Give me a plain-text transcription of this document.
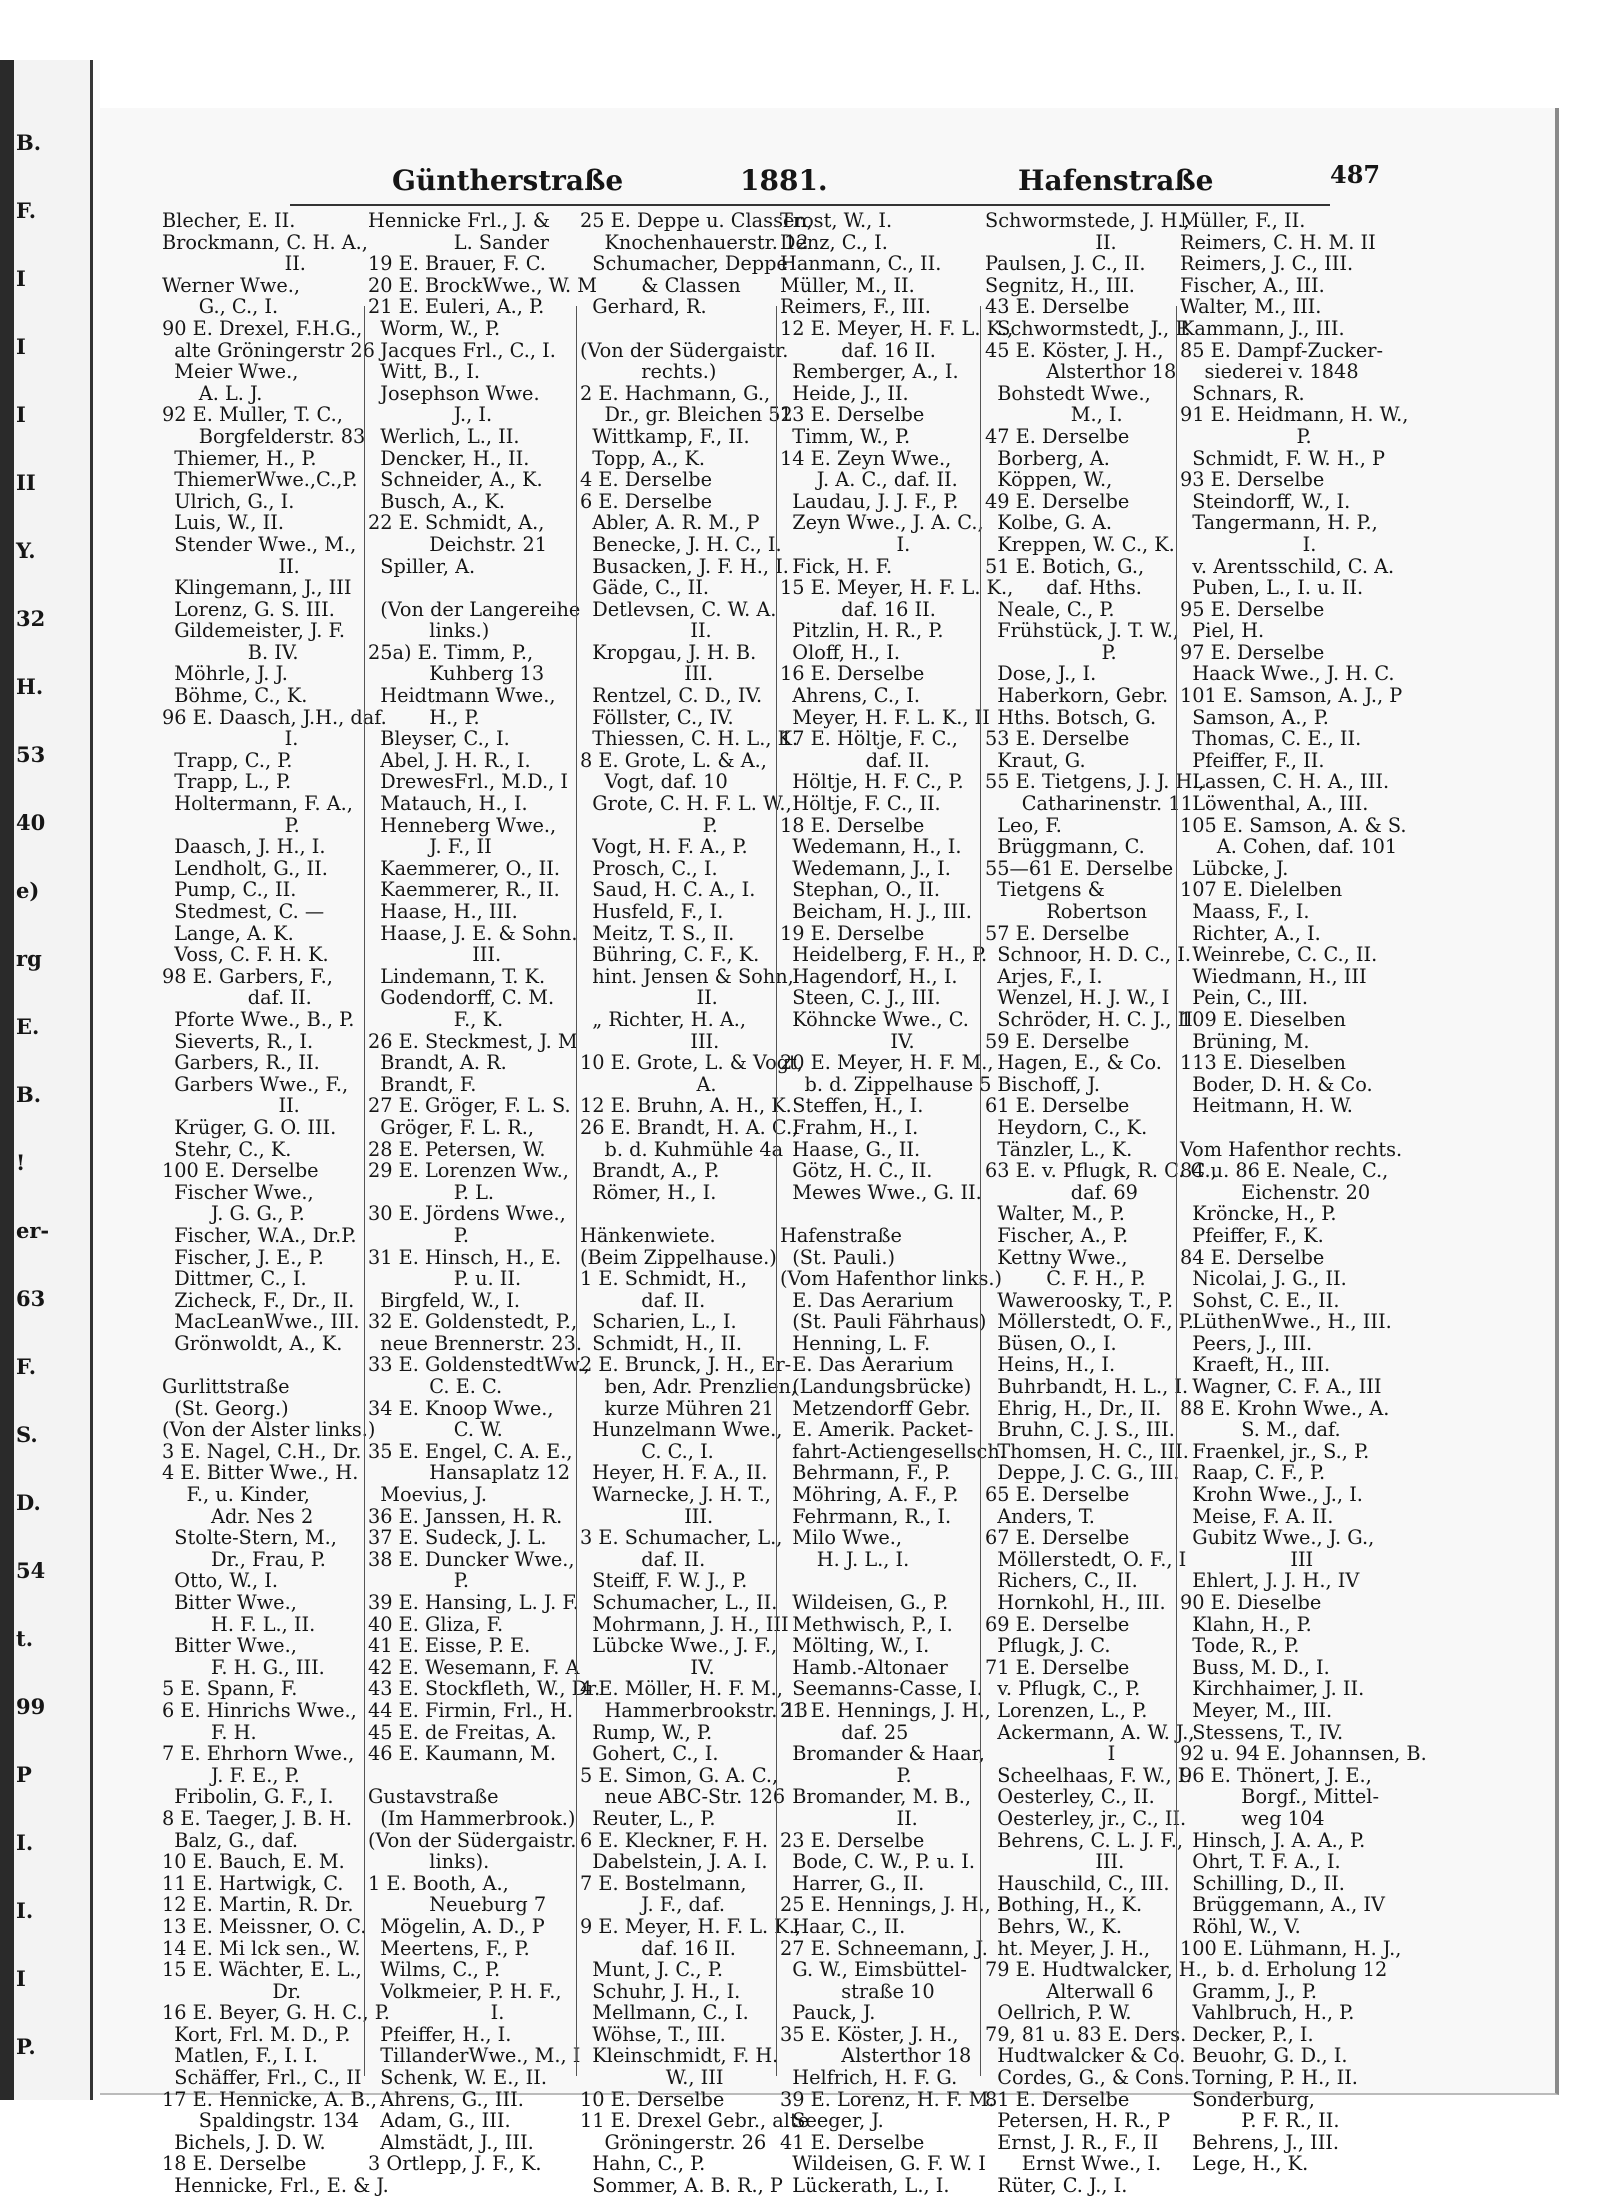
B.
F.
I
I
I
II
Y.
32
H.
53
40
e)
rg
E.
B.
!
er-
63
F.
S.
D.
54
t.
99
P
I.
I.
I
P.
Güntherstraße	1881.	Hafenstraße	487
Blecher, E. II.
Brockmann, C. H. A.,
II.
Werner Wwe.,
G., C., I.
90 E. Drexel, F.H.G.,
alte Gröningerstr 26
Meier Wwe.,
A. L. J.
92 E. Muller, T. C.,
Borgfelderstr. 83
Thiemer, H., P.
ThiemerWwe.,C.,P.
Ulrich, G., I.
Luis, W., II.
Stender Wwe., M.,
II.
Klingemann, J., III
Lorenz, G. S. III.
Gildemeister, J. F.
B. IV.
Möhrle, J. J.
Böhme, C., K.
96 E. Daasch, J.H., daf.
I.
Trapp, C., P.
Trapp, L., P.
Holtermann, F. A.,
P.
Daasch, J. H., I.
Lendholt, G., II.
Pump, C., II.
Stedmest, C. —
Lange, A. K.
Voss, C. F. H. K.
98 E. Garbers, F.,
daf. II.
Pforte Wwe., B., P.
Sieverts, R., I.
Garbers, R., II.
Garbers Wwe., F.,
II.
Krüger, G. O. III.
Stehr, C., K.
100 E. Derselbe
Fischer Wwe.,
J. G. G., P.
Fischer, W.A., Dr.P.
Fischer, J. E., P.
Dittmer, C., I.
Zicheck, F., Dr., II.
MacLeanWwe., III.
Grönwoldt, A., K.
Gurlittstraße
(St. Georg.)
(Von der Alster links.)
3 E. Nagel, C.H., Dr.
4 E. Bitter Wwe., H.
F., u. Kinder,
Adr. Nes 2
Stolte-Stern, M.,
Dr., Frau, P.
Otto, W., I.
Bitter Wwe.,
H. F. L., II.
Bitter Wwe.,
F. H. G., III.
5 E. Spann, F.
6 E. Hinrichs Wwe.,
F. H.
7 E. Ehrhorn Wwe.,
J. F. E., P.
Fribolin, G. F., I.
8 E. Taeger, J. B. H.
Balz, G., daf.
10 E. Bauch, E. M.
11 E. Hartwigk, C.
12 E. Martin, R. Dr.
13 E. Meissner, O. C.
14 E. Mi lck sen., W.
15 E. Wächter, E. L.,
Dr.
16 E. Beyer, G. H. C., P.
Kort, Frl. M. D., P.
Matlen, F., I. I.
Schäffer, Frl., C., II
17 E. Hennicke, A. B.,
Spaldingstr. 134
Bichels, J. D. W.
18 E. Derselbe
Hennicke, Frl., E. & J.
Hennicke Frl., J. &
L. Sander
19 E. Brauer, F. C.
20 E. BrockWwe., W. M
21 E. Euleri, A., P.
Worm, W., P.
Jacques Frl., C., I.
Witt, B., I.
Josephson Wwe.
J., I.
Werlich, L., II.
Dencker, H., II.
Schneider, A., K.
Busch, A., K.
22 E. Schmidt, A.,
Deichstr. 21
Spiller, A.
(Von der Langereihe
links.)
25a) E. Timm, P.,
Kuhberg 13
Heidtmann Wwe.,
H., P.
Bleyser, C., I.
Abel, J. H. R., I.
DrewesFrl., M.D., I
Matauch, H., I.
Henneberg Wwe.,
J. F., II
Kaemmerer, O., II.
Kaemmerer, R., II.
Haase, H., III.
Haase, J. E. & Sohn.
III.
Lindemann, T. K.
Godendorff, C. M.
F., K.
26 E. Steckmest, J. M
Brandt, A. R.
Brandt, F.
27 E. Gröger, F. L. S.
Gröger, F. L. R.,
28 E. Petersen, W.
29 E. Lorenzen Ww.,
P. L.
30 E. Jördens Wwe.,
P.
31 E. Hinsch, H., E.
P. u. II.
Birgfeld, W., I.
32 E. Goldenstedt, P.,
neue Brennerstr. 23.
33 E. GoldenstedtWw.,
C. E. C.
34 E. Knoop Wwe.,
C. W.
35 E. Engel, C. A. E.,
Hansaplatz 12
Moevius, J.
36 E. Janssen, H. R.
37 E. Sudeck, J. L.
38 E. Duncker Wwe.,
P.
39 E. Hansing, L. J. F.
40 E. Gliza, F.
41 E. Eisse, P. E.
42 E. Wesemann, F. A
43 E. Stockfleth, W., Dr.
44 E. Firmin, Frl., H.
45 E. de Freitas, A.
46 E. Kaumann, M.
Gustavstraße
(Im Hammerbrook.)
(Von der Südergaistr.
links).
1 E. Booth, A.,
Neueburg 7
Mögelin, A. D., P
Meertens, F., P.
Wilms, C., P.
Volkmeier, P. H. F.,
I.
Pfeiffer, H., I.
TillanderWwe., M., I
Schenk, W. E., II.
Ahrens, G., III.
Adam, G., III.
Almstädt, J., III.
3 Ortlepp, J. F., K.
25 E. Deppe u. Classen,
Knochenhauerstr. 12
Schumacher, Deppe
& Classen
Gerhard, R.
(Von der Südergaistr.
rechts.)
2 E. Hachmann, G.,
Dr., gr. Bleichen 52
Wittkamp, F., II.
Topp, A., K.
4 E. Derselbe
6 E. Derselbe
Abler, A. R. M., P
Benecke, J. H. C., I.
Busacken, J. F. H., I.
Gäde, C., II.
Detlevsen, C. W. A.
II.
Kropgau, J. H. B.
III.
Rentzel, C. D., IV.
Föllster, C., IV.
Thiessen, C. H. L., K.
8 E. Grote, L. & A.,
Vogt, daf. 10
Grote, C. H. F. L. W.,
P.
Vogt, H. F. A., P.
Prosch, C., I.
Saud, H. C. A., I.
Husfeld, F., I.
Meitz, T. S., II.
Bühring, C. F., K.
hint. Jensen & Sohn,
II.
„ Richter, H. A.,
III.
10 E. Grote, L. & Vogt,
A.
12 E. Bruhn, A. H., K.
26 E. Brandt, H. A. C.,
b. d. Kuhmühle 4a
Brandt, A., P.
Römer, H., I.
Hänkenwiete.
(Beim Zippelhause.)
1 E. Schmidt, H.,
daf. II.
Scharien, L., I.
Schmidt, H., II.
2 E. Brunck, J. H., Er-
ben, Adr. Prenzlien,
kurze Mühren 21
Hunzelmann Wwe.,
C. C., I.
Heyer, H. F. A., II.
Warnecke, J. H. T.,
III.
3 E. Schumacher, L.,
daf. II.
Steiff, F. W. J., P.
Schumacher, L., II.
Mohrmann, J. H., III
Lübcke Wwe., J. F.,
IV.
4 E. Möller, H. F. M.,
Hammerbrookstr. 13
Rump, W., P.
Gohert, C., I.
5 E. Simon, G. A. C.,
neue ABC-Str. 126
Reuter, L., P.
6 E. Kleckner, F. H.
Dabelstein, J. A. I.
7 E. Bostelmann,
J. F., daf.
9 E. Meyer, H. F. L. K.,
daf. 16 II.
Munt, J. C., P.
Schuhr, J. H., I.
Mellmann, C., I.
Wöhse, T., III.
Kleinschmidt, F. H.
W., III
10 E. Derselbe
11 E. Drexel Gebr., alte
Gröningerstr. 26
Hahn, C., P.
Sommer, A. B. R., P
Trost, W., I.
Denz, C., I.
Hanmann, C., II.
Müller, M., II.
Reimers, F., III.
12 E. Meyer, H. F. L. K.,
daf. 16 II.
Remberger, A., I.
Heide, J., II.
13 E. Derselbe
Timm, W., P.
14 E. Zeyn Wwe.,
J. A. C., daf. II.
Laudau, J. J. F., P.
Zeyn Wwe., J. A. C.,
I.
Fick, H. F.
15 E. Meyer, H. F. L. K.,
daf. 16 II.
Pitzlin, H. R., P.
Oloff, H., I.
16 E. Derselbe
Ahrens, C., I.
Meyer, H. F. L. K., II
17 E. Höltje, F. C.,
daf. II.
Höltje, H. F. C., P.
Höltje, F. C., II.
18 E. Derselbe
Wedemann, H., I.
Wedemann, J., I.
Stephan, O., II.
Beicham, H. J., III.
19 E. Derselbe
Heidelberg, F. H., P.
Hagendorf, H., I.
Steen, C. J., III.
Köhncke Wwe., C.
IV.
20 E. Meyer, H. F. M.,
b. d. Zippelhause 5
Steffen, H., I.
Frahm, H., I.
Haase, G., II.
Götz, H. C., II.
Mewes Wwe., G. II.
Hafenstraße
(St. Pauli.)
(Vom Hafenthor links.)
E. Das Aerarium
(St. Pauli Fährhaus)
Henning, L. F.
E. Das Aerarium
(Landungsbrücke)
Metzendorff Gebr.
E. Amerik. Packet-
fahrt-Actiengesellsch.
Behrmann, F., P.
Möhring, A. F., P.
Fehrmann, R., I.
Milo Wwe.,
H. J. L., I.
Wildeisen, G., P.
Methwisch, P., I.
Mölting, W., I.
Hamb.-Altonaer
Seemanns-Casse, I.
21 E. Hennings, J. H.,
daf. 25
Bromander & Haar,
P.
Bromander, M. B.,
II.
23 E. Derselbe
Bode, C. W., P. u. I.
Harrer, G., II.
25 E. Hennings, J. H., P
Haar, C., II.
27 E. Schneemann, J.
G. W., Eimsbüttel-
straße 10
Pauck, J.
35 E. Köster, J. H.,
Alsterthor 18
Helfrich, H. F. G.
39 E. Lorenz, H. F. M.
Seeger, J.
41 E. Derselbe
Wildeisen, G. F. W. I
Lückerath, L., I.
Schwormstede, J. H.,
II.
Paulsen, J. C., II.
Segnitz, H., III.
43 E. Derselbe
Schwormstedt, J., P.
45 E. Köster, J. H.,
Alsterthor 18
Bohstedt Wwe.,
M., I.
47 E. Derselbe
Borberg, A.
Köppen, W.,
49 E. Derselbe
Kolbe, G. A.
Kreppen, W. C., K.
51 E. Botich, G.,
daf. Hths.
Neale, C., P.
Frühstück, J. T. W.,
P.
Dose, J., I.
Haberkorn, Gebr.
Hths. Botsch, G.
53 E. Derselbe
Kraut, G.
55 E. Tietgens, J. J. H.,
Catharinenstr. 11
Leo, F.
Brüggmann, C.
55—61 E. Derselbe
Tietgens &
Robertson
57 E. Derselbe
Schnoor, H. D. C., I.
Arjes, F., I.
Wenzel, H. J. W., I
Schröder, H. C. J., II
59 E. Derselbe
Hagen, E., & Co.
Bischoff, J.
61 E. Derselbe
Heydorn, C., K.
Tänzler, L., K.
63 E. v. Pflugk, R. C. C.,
daf. 69
Walter, M., P.
Fischer, A., P.
Kettny Wwe.,
C. F. H., P.
Waweroosky, T., P.
Möllerstedt, O. F., P.
Büsen, O., I.
Heins, H., I.
Buhrbandt, H. L., I.
Ehrig, H., Dr., II.
Bruhn, C. J. S., III.
Thomsen, H. C., III.
Deppe, J. C. G., III.
65 E. Derselbe
Anders, T.
67 E. Derselbe
Möllerstedt, O. F., I
Richers, C., II.
Hornkohl, H., III.
69 E. Derselbe
Pflugk, J. C.
71 E. Derselbe
v. Pflugk, C., P.
Lorenzen, L., P.
Ackermann, A. W. J.,
I
Scheelhaas, F. W., I.
Oesterley, C., II.
Oesterley, jr., C., II.
Behrens, C. L. J. F.,
III.
Hauschild, C., III.
Bothing, H., K.
Behrs, W., K.
ht. Meyer, J. H.,
79 E. Hudtwalcker, H.,
Alterwall 6
Oellrich, P. W.
79, 81 u. 83 E. Ders.
Hudtwalcker & Co.
Cordes, G., & Cons.
81 E. Derselbe
Petersen, H. R., P
Ernst, J. R., F., II
Ernst Wwe., I.
Rüter, C. J., I.
Müller, F., II.
Reimers, C. H. M. II
Reimers, J. C., III.
Fischer, A., III.
Walter, M., III.
Kammann, J., III.
85 E. Dampf-Zucker-
siederei v. 1848
Schnars, R.
91 E. Heidmann, H. W.,
P.
Schmidt, F. W. H., P
93 E. Derselbe
Steindorff, W., I.
Tangermann, H. P.,
I.
v. Arentsschild, C. A.
Puben, L., I. u. II.
95 E. Derselbe
Piel, H.
97 E. Derselbe
Haack Wwe., J. H. C.
101 E. Samson, A. J., P
Samson, A., P.
Thomas, C. E., II.
Pfeiffer, F., II.
Lassen, C. H. A., III.
Löwenthal, A., III.
105 E. Samson, A. & S.
A. Cohen, daf. 101
Lübcke, J.
107 E. Dielelben
Maass, F., I.
Richter, A., I.
Weinrebe, C. C., II.
Wiedmann, H., III
Pein, C., III.
109 E. Dieselben
Brüning, M.
113 E. Dieselben
Boder, D. H. & Co.
Heitmann, H. W.
Vom Hafenthor rechts.
84 u. 86 E. Neale, C.,
Eichenstr. 20
Kröncke, H., P.
Pfeiffer, F., K.
84 E. Derselbe
Nicolai, J. G., II.
Sohst, C. E., II.
LüthenWwe., H., III.
Peers, J., III.
Kraeft, H., III.
Wagner, C. F. A., III
88 E. Krohn Wwe., A.
S. M., daf.
Fraenkel, jr., S., P.
Raap, C. F., P.
Krohn Wwe., J., I.
Meise, F. A. II.
Gubitz Wwe., J. G.,
III
Ehlert, J. J. H., IV
90 E. Dieselbe
Klahn, H., P.
Tode, R., P.
Buss, M. D., I.
Kirchhaimer, J. II.
Meyer, M., III.
Stessens, T., IV.
92 u. 94 E. Johannsen, B.
96 E. Thönert, J. E.,
Borgf., Mittel-
weg 104
Hinsch, J. A. A., P.
Ohrt, T. F. A., I.
Schilling, D., II.
Brüggemann, A., IV
Röhl, W., V.
100 E. Lühmann, H. J.,
b. d. Erholung 12
Gramm, J., P.
Vahlbruch, H., P.
Decker, P., I.
Beuohr, G. D., I.
Torning, P. H., II.
Sonderburg,
P. F. R., II.
Behrens, J., III.
Lege, H., K.
